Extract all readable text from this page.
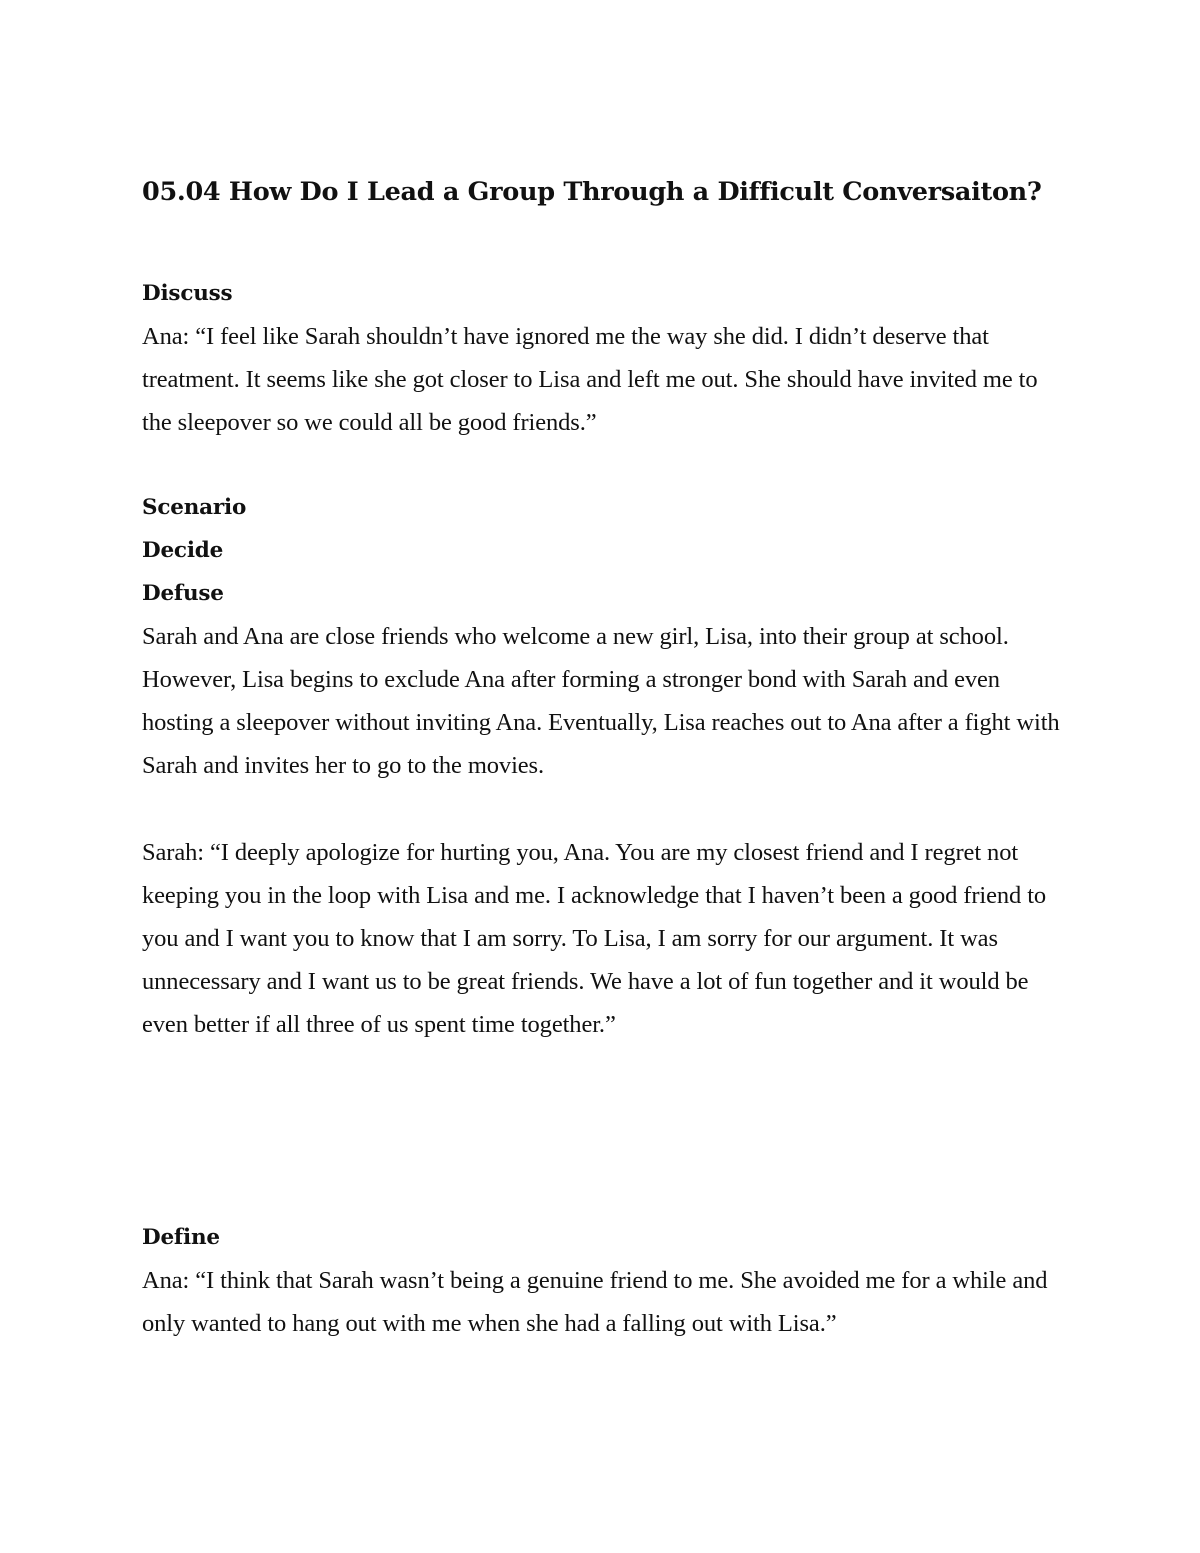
05.04 How Do I Lead a Group Through a Difficult Conversaiton?
Discuss

Ana: “I feel like Sarah shouldn’t have ignored me the way she did. I didn’t deserve that treatment. It seems like she got closer to Lisa and left me out. She should have invited me to the sleepover so we could all be good friends.”

Scenario
Decide
Defuse

Sarah and Ana are close friends who welcome a new girl, Lisa, into their group at school. However, Lisa begins to exclude Ana after forming a stronger bond with Sarah and even hosting a sleepover without inviting Ana. Eventually, Lisa reaches out to Ana after a fight with Sarah and invites her to go to the movies.

Sarah: “I deeply apologize for hurting you, Ana. You are my closest friend and I regret not keeping you in the loop with Lisa and me. I acknowledge that I haven’t been a good friend to you and I want you to know that I am sorry. To Lisa, I am sorry for our argument. It was unnecessary and I want us to be great friends. We have a lot of fun together and it would be even better if all three of us spent time together.”

Define

Ana: “I think that Sarah wasn’t being a genuine friend to me. She avoided me for a while and only wanted to hang out with me when she had a falling out with Lisa.”
